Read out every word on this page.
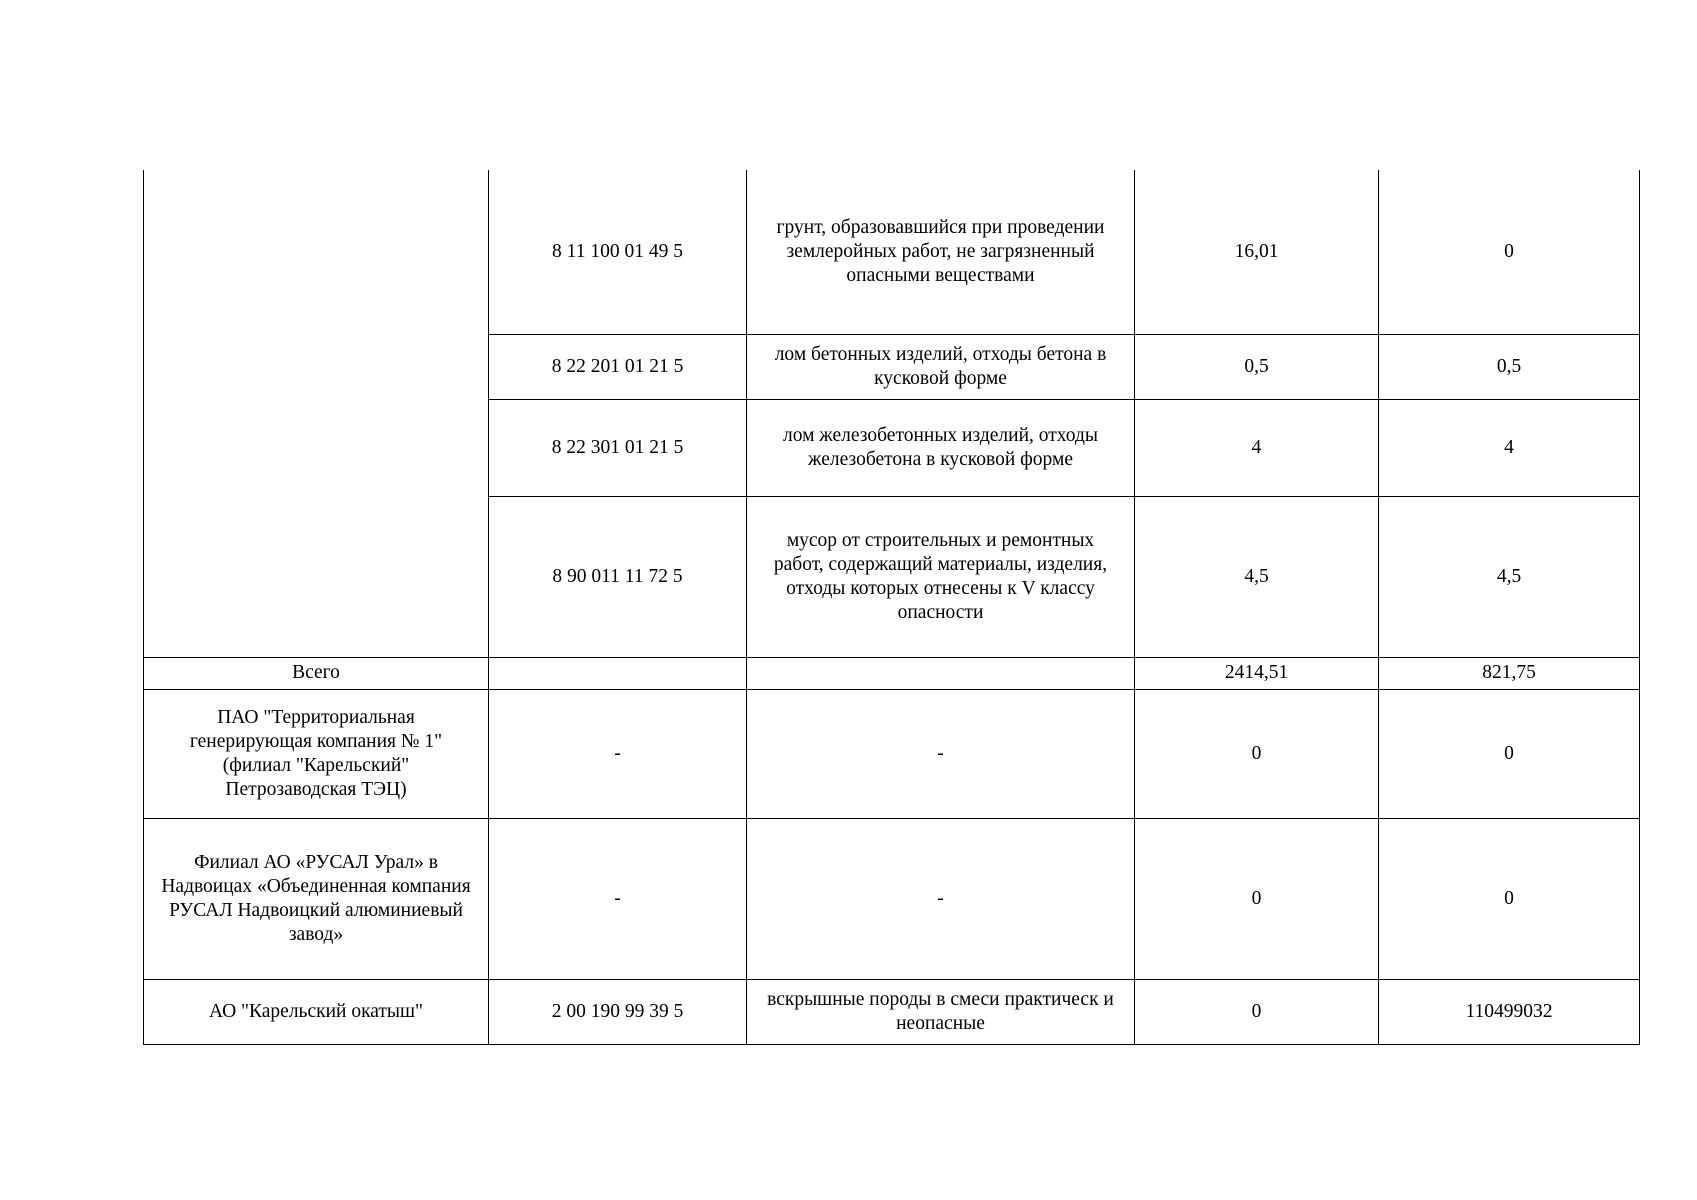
	8 11 100 01 49 5	грунт, образовавшийся при проведении землеройных работ, не загрязненный опасными веществами	16,01	0
	8 22 201 01 21 5	лом бетонных изделий, отходы бетона в кусковой форме	0,5	0,5
	8 22 301 01 21 5	лом железобетонных изделий, отходы железобетона в кусковой форме	4	4
	8 90 011 11 72 5	мусор от строительных и ремонтных работ, содержащий материалы, изделия, отходы которых отнесены к V классу опасности	4,5	4,5
Всего			2414,51	821,75
ПАО "Территориальная генерирующая компания № 1" (филиал "Карельский" Петрозаводская ТЭЦ)	-	-	0	0
Филиал АО «РУСАЛ Урал» в Надвоицах «Объединенная компания РУСАЛ Надвоицкий алюминиевый завод»	-	-	0	0
АО "Карельский окатыш"	2 00 190 99 39 5	вскрышные породы в смеси практическ и неопасные	0	110499032
